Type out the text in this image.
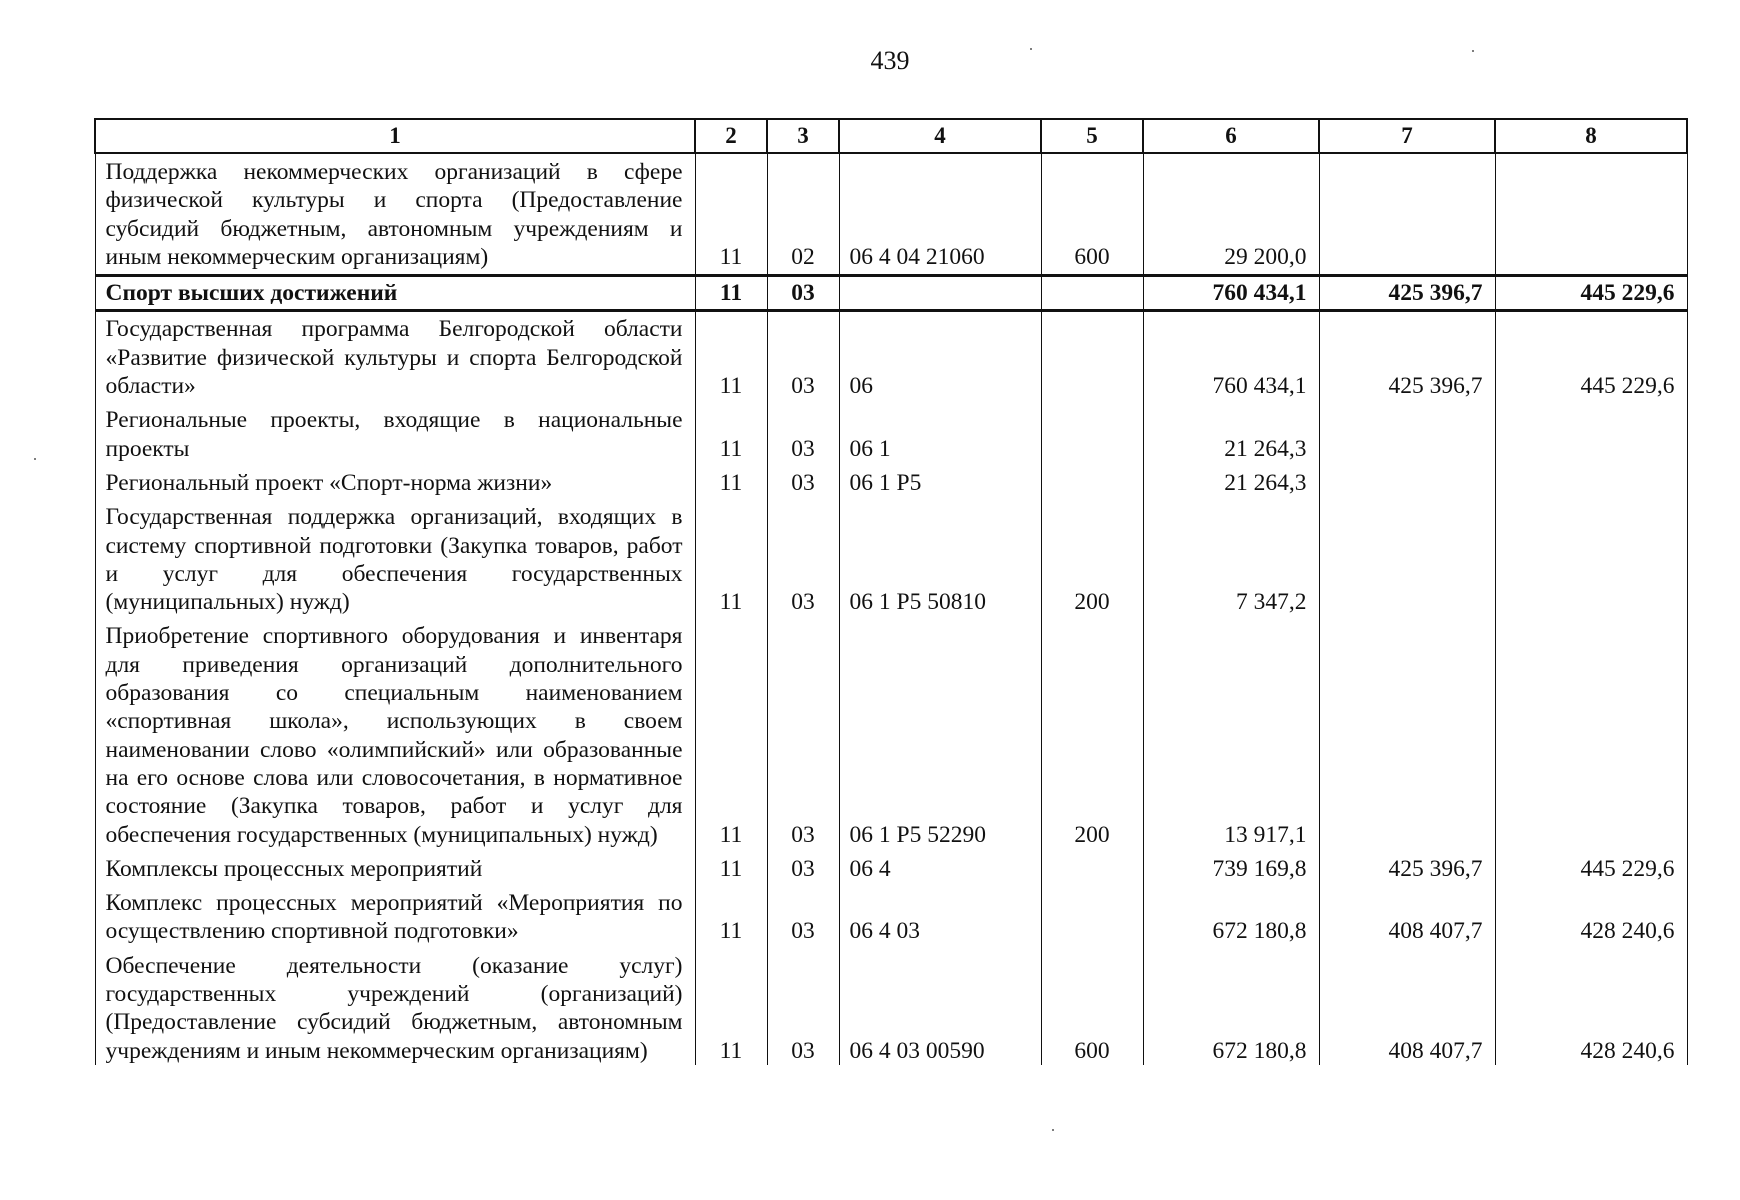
439
1	2	3	4	5	6	7	8
Поддержка некоммерческих организаций в сфере физической культуры и спорта (Предоставление субсидий бюджетным, автономным учреждениям и иным некоммерческим организациям)	11	02	06 4 04 21060	600	29 200,0		
Спорт высших достижений	11	03			760 434,1	425 396,7	445 229,6
Государственная программа Белгородской области «Развитие физической культуры и спорта Белгородской области»	11	03	06		760 434,1	425 396,7	445 229,6
Региональные проекты, входящие в национальные проекты	11	03	06 1		21 264,3		
Региональный проект «Спорт-норма жизни»	11	03	06 1 P5		21 264,3		
Государственная поддержка организаций, входящих в систему спортивной подготовки (Закупка товаров, работ и услуг для обеспечения государственных (муниципальных) нужд)	11	03	06 1 P5 50810	200	7 347,2		
Приобретение спортивного оборудования и инвентаря для приведения организаций дополнительного образования со специальным наименованием «спортивная школа», использующих в своем наименовании слово «олимпийский» или образованные на его основе слова или словосочетания, в нормативное состояние (Закупка товаров, работ и услуг для обеспечения государственных (муниципальных) нужд)	11	03	06 1 P5 52290	200	13 917,1		
Комплексы процессных мероприятий	11	03	06 4		739 169,8	425 396,7	445 229,6
Комплекс процессных мероприятий «Мероприятия по осуществлению спортивной подготовки»	11	03	06 4 03		672 180,8	408 407,7	428 240,6
Обеспечение деятельности (оказание услуг) государственных учреждений (организаций) (Предоставление субсидий бюджетным, автономным учреждениям и иным некоммерческим организациям)	11	03	06 4 03 00590	600	672 180,8	408 407,7	428 240,6
